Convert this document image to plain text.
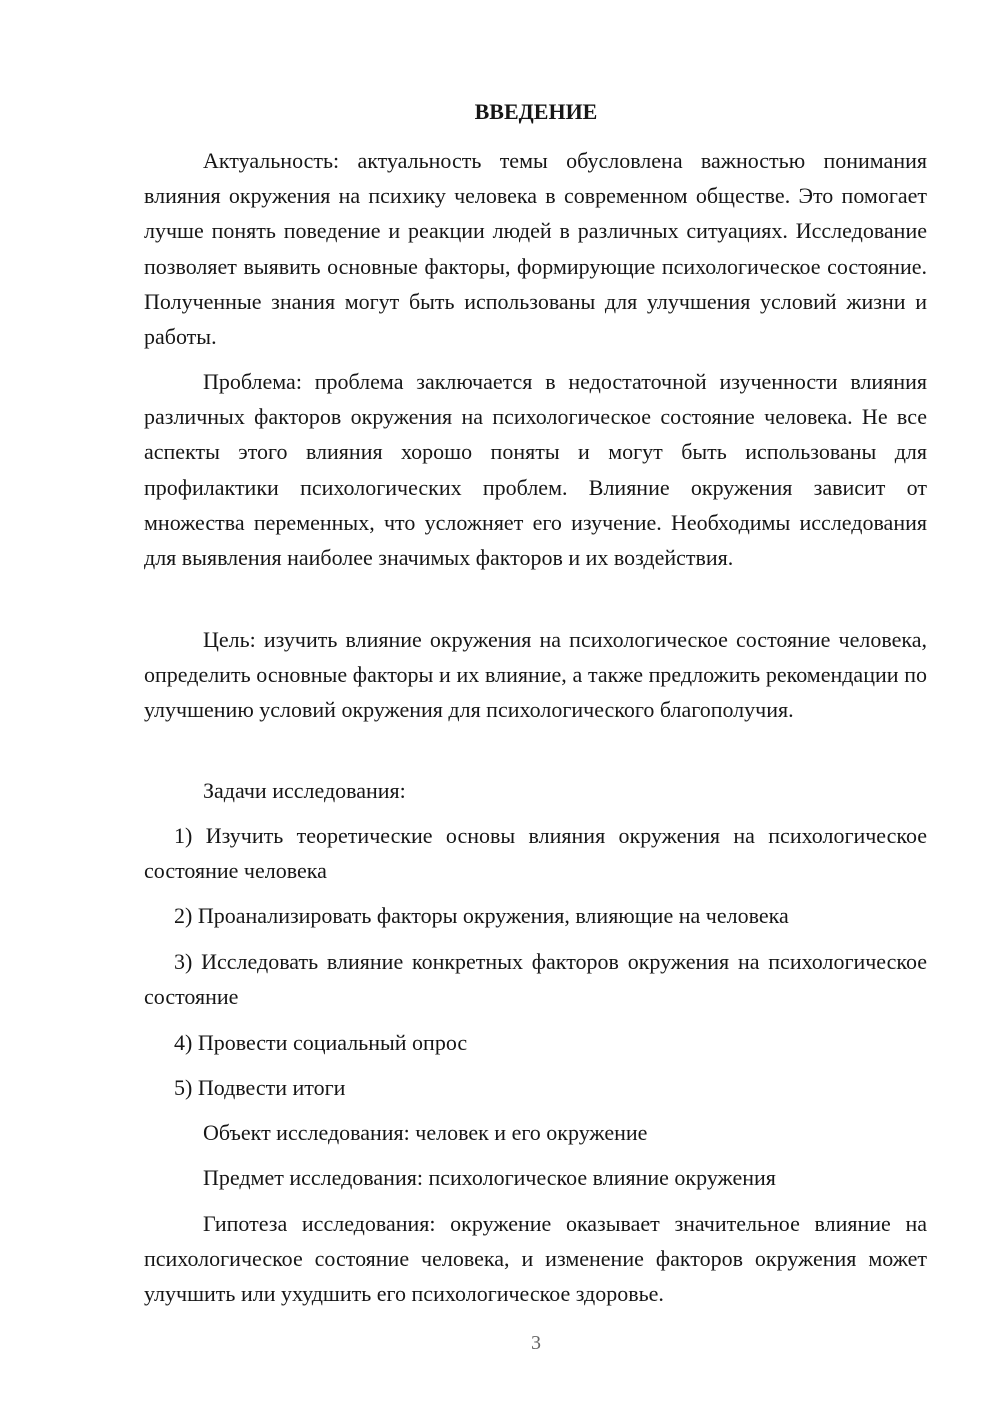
ВВЕДЕНИЕ

Актуальность: актуальность темы обусловлена важностью понимания влияния окружения на психику человека в современном обществе. Это помогает лучше понять поведение и реакции людей в различных ситуациях. Исследование позволяет выявить основные факторы, формирующие психологическое состояние. Полученные знания могут быть использованы для улучшения условий жизни и работы.

Проблема: проблема заключается в недостаточной изученности влияния различных факторов окружения на психологическое состояние человека. Не все аспекты этого влияния хорошо поняты и могут быть использованы для профилактики психологических проблем. Влияние окружения зависит от множества переменных, что усложняет его изучение. Необходимы исследования для выявления наиболее значимых факторов и их воздействия.

Цель: изучить влияние окружения на психологическое состояние человека, определить основные факторы и их влияние, а также предложить рекомендации по улучшению условий окружения для психологического благополучия.

Задачи исследования:

1) Изучить теоретические основы влияния окружения на психологическое состояние человека

2) Проанализировать факторы окружения, влияющие на человека

3) Исследовать влияние конкретных факторов окружения на психологическое состояние

4) Провести социальный опрос

5) Подвести итоги

Объект исследования: человек и его окружение

Предмет исследования: психологическое влияние окружения

Гипотеза исследования: окружение оказывает значительное влияние на психологическое состояние человека, и изменение факторов окружения может улучшить или ухудшить его психологическое здоровье.

3
